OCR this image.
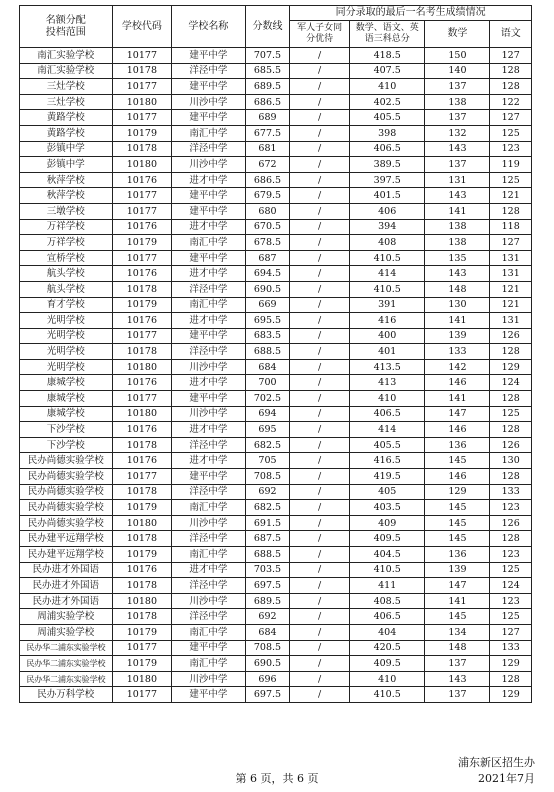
名额分配
投档范围	学校代码	学校名称	分数线	同分录取的最后一名考生成绩情况			

				军人子女同分优待	数学、语文、英语三科总分	数学	语文
南汇实验学校	10177	建平中学	707.5	/	418.5	150	127
南汇实验学校	10178	洋泾中学	685.5	/	407.5	140	128
三灶学校	10177	建平中学	689.5	/	410	137	128
三灶学校	10180	川沙中学	686.5	/	402.5	138	122
黄路学校	10177	建平中学	689	/	405.5	137	127
黄路学校	10179	南汇中学	677.5	/	398	132	125
彭镇中学	10178	洋泾中学	681	/	406.5	143	123
彭镇中学	10180	川沙中学	672	/	389.5	137	119
秋萍学校	10176	进才中学	686.5	/	397.5	131	125
秋萍学校	10177	建平中学	679.5	/	401.5	143	121
三墩学校	10177	建平中学	680	/	406	141	128
万祥学校	10176	进才中学	670.5	/	394	138	118
万祥学校	10179	南汇中学	678.5	/	408	138	127
宣桥学校	10177	建平中学	687	/	410.5	135	131
航头学校	10176	进才中学	694.5	/	414	143	131
航头学校	10178	洋泾中学	690.5	/	410.5	148	121
育才学校	10179	南汇中学	669	/	391	130	121
光明学校	10176	进才中学	695.5	/	416	141	131
光明学校	10177	建平中学	683.5	/	400	139	126
光明学校	10178	洋泾中学	688.5	/	401	133	128
光明学校	10180	川沙中学	684	/	413.5	142	129
康城学校	10176	进才中学	700	/	413	146	124
康城学校	10177	建平中学	702.5	/	410	141	128
康城学校	10180	川沙中学	694	/	406.5	147	125
下沙学校	10176	进才中学	695	/	414	146	128
下沙学校	10178	洋泾中学	682.5	/	405.5	136	126
民办尚德实验学校	10176	进才中学	705	/	416.5	145	130
民办尚德实验学校	10177	建平中学	708.5	/	419.5	146	128
民办尚德实验学校	10178	洋泾中学	692	/	405	129	133
民办尚德实验学校	10179	南汇中学	682.5	/	403.5	145	123
民办尚德实验学校	10180	川沙中学	691.5	/	409	145	126
民办建平远翔学校	10178	洋泾中学	687.5	/	409.5	145	128
民办建平远翔学校	10179	南汇中学	688.5	/	404.5	136	123
民办进才外国语	10176	进才中学	703.5	/	410.5	139	125
民办进才外国语	10178	洋泾中学	697.5	/	411	147	124
民办进才外国语	10180	川沙中学	689.5	/	408.5	141	123
周浦实验学校	10178	洋泾中学	692	/	406.5	145	125
周浦实验学校	10179	南汇中学	684	/	404	134	127
民办华二浦东实验学校	10177	建平中学	708.5	/	420.5	148	133
民办华二浦东实验学校	10179	南汇中学	690.5	/	409.5	137	129
民办华二浦东实验学校	10180	川沙中学	696	/	410	143	128
民办万科学校	10177	建平中学	697.5	/	410.5	137	129
浦东新区招生办
2021年7月
第 6 页，共 6 页
